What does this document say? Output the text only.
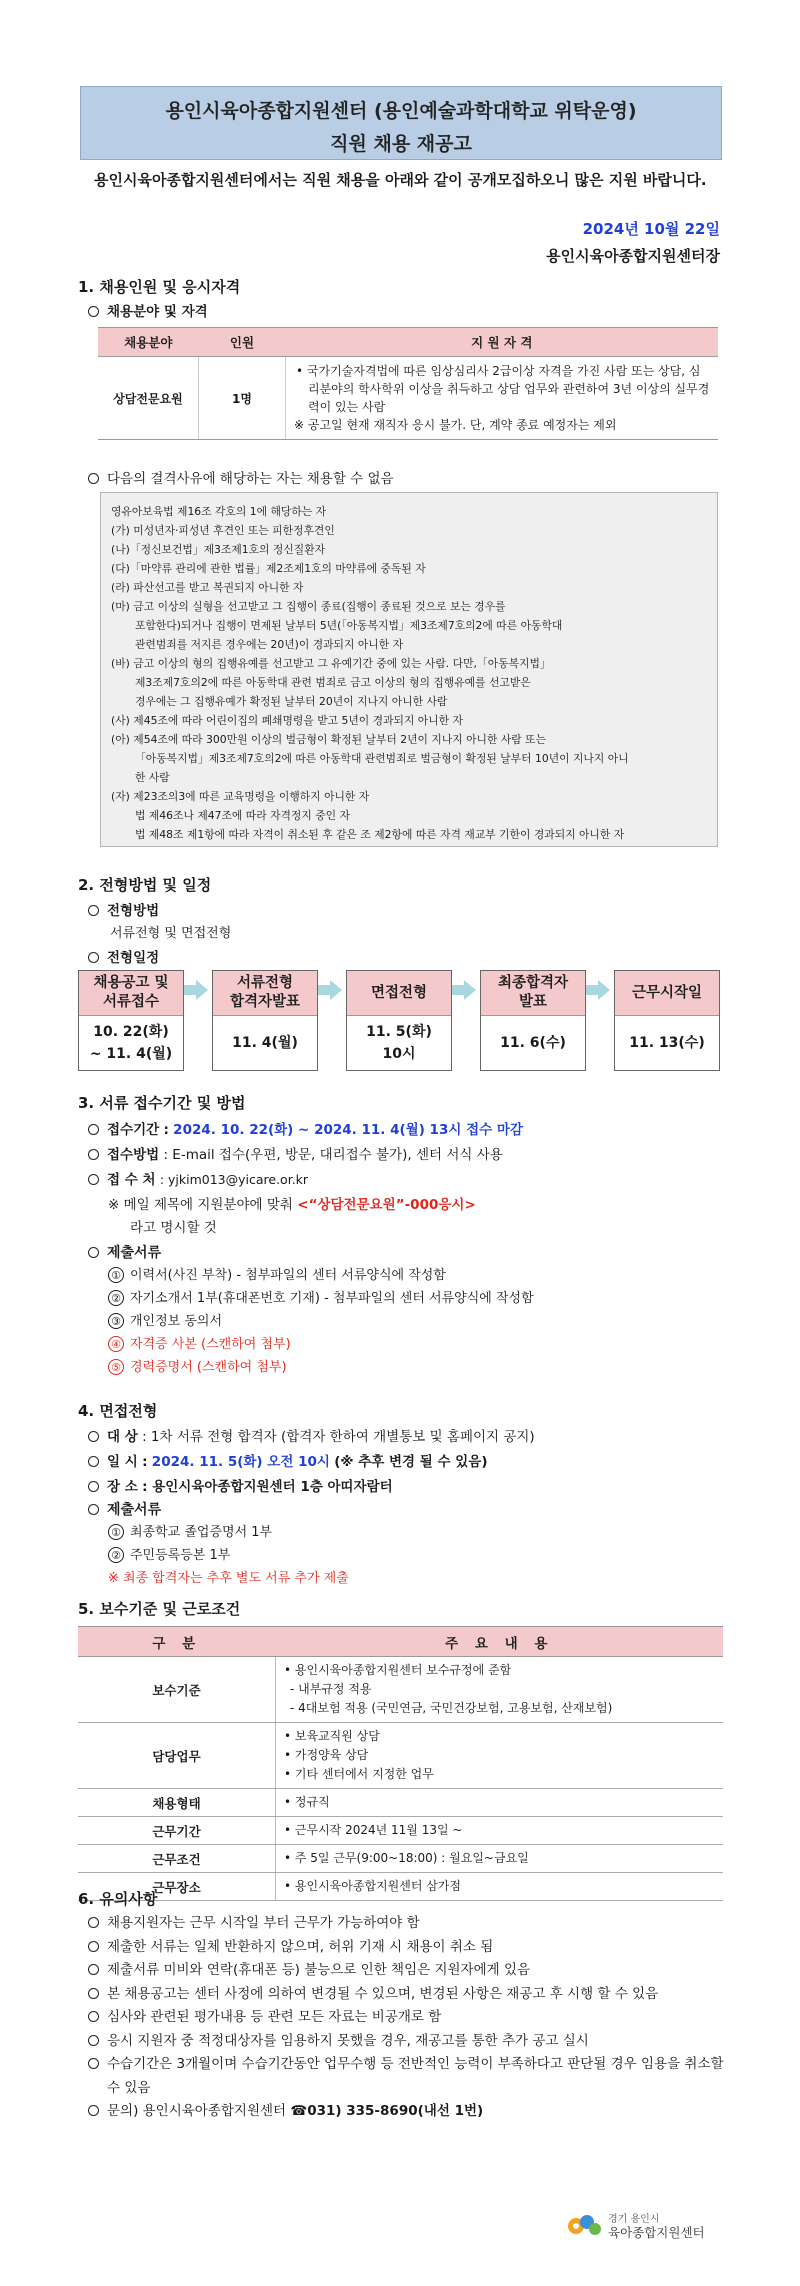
용인시육아종합지원센터 (용인예술과학대학교 위탁운영)
직원 채용 재공고
용인시육아종합지원센터에서는 직원 채용을 아래와 같이 공개모집하오니 많은 지원 바랍니다.
2024년 10월 22일
용인시육아종합지원센터장
1. 채용인원 및 응시자격
채용분야 및 자격
채용분야	인원	지 원 자 격
상담전문요원	1명	• 국가기술자격법에 따른 임상심리사 2급이상 자격을 가진 사람 또는 상담, 심리분야의 학사학위 이상을 취득하고 상담 업무와 관련하여 3년 이상의 실무경력이 있는 사람
※ 공고일 현재 재직자 응시 불가. 단, 계약 종료 예정자는 제외
다음의 결격사유에 해당하는 자는 채용할 수 없음
영유아보육법 제16조 각호의 1에 해당하는 자
(가) 미성년자·피성년 후견인 또는 피한정후견인
(나)「정신보건법」제3조제1호의 정신질환자
(다)「마약류 관리에 관한 법률」제2조제1호의 마약류에 중독된 자
(라) 파산선고를 받고 복권되지 아니한 자
(마) 금고 이상의 실형을 선고받고 그 집행이 종료(집행이 종료된 것으로 보는 경우를
포함한다)되거나 집행이 면제된 날부터 5년(「아동복지법」제3조제7호의2에 따른 아동학대
관련범죄를 저지른 경우에는 20년)이 경과되지 아니한 자
(바) 금고 이상의 형의 집행유예를 선고받고 그 유예기간 중에 있는 사람. 다만,「아동복지법」
제3조제7호의2에 따른 아동학대 관련 범죄로 금고 이상의 형의 집행유예를 선고받은
경우에는 그 집행유예가 확정된 날부터 20년이 지나지 아니한 사람
(사) 제45조에 따라 어린이집의 폐쇄명령을 받고 5년이 경과되지 아니한 자
(아) 제54조에 따라 300만원 이상의 벌금형이 확정된 날부터 2년이 지나지 아니한 사람 또는
「아동복지법」제3조제7호의2에 따른 아동학대 관련범죄로 벌금형이 확정된 날부터 10년이 지나지 아니
한 사람
(자) 제23조의3에 따른 교육명령을 이행하지 아니한 자
법 제46조나 제47조에 따라 자격정지 중인 자
법 제48조 제1항에 따라 자격이 취소된 후 같은 조 제2항에 따른 자격 재교부 기한이 경과되지 아니한 자
2. 전형방법 및 일정
전형방법
서류전형 및 면접전형
전형일정
채용공고 및
서류접수
10. 22(화)
~ 11. 4(월)
서류전형
합격자발표
11. 4(월)
면접전형
11. 5(화)
10시
최종합격자
발표
11. 6(수)
근무시작일
11. 13(수)
3. 서류 접수기간 및 방법
접수기간 : 2024. 10. 22(화) ~ 2024. 11. 4(월) 13시 접수 마감
접수방법 : E-mail 접수(우편, 방문, 대리접수 불가), 센터 서식 사용
접 수 처 : yjkim013@yicare.or.kr
※ 메일 제목에 지원분야에 맞춰 <“상담전문요원”-000응시>
라고 명시할 것
제출서류
① 이력서(사진 부착) - 첨부파일의 센터 서류양식에 작성함
② 자기소개서 1부(휴대폰번호 기재) - 첨부파일의 센터 서류양식에 작성함
③ 개인정보 동의서
④ 자격증 사본 (스캔하여 첨부)
⑤ 경력증명서 (스캔하여 첨부)
4. 면접전형
대 상 : 1차 서류 전형 합격자 (합격자 한하여 개별통보 및 홈페이지 공지)
일 시 : 2024. 11. 5(화) 오전 10시 (※ 추후 변경 될 수 있음)
장 소 : 용인시육아종합지원센터 1층 아띠자람터
제출서류
① 최종학교 졸업증명서 1부
② 주민등록등본 1부
※ 최종 합격자는 추후 별도 서류 추가 제출
5. 보수기준 및 근로조건
구 분	주 요 내 용
보수기준	• 용인시육아종합지원센터 보수규정에 준함
- 내부규정 적용
- 4대보험 적용 (국민연금, 국민건강보험, 고용보험, 산재보험)

담당업무	• 보육교직원 상담
• 가정양육 상담
• 기타 센터에서 지정한 업무

채용형태	• 정규직

근무기간	• 근무시작 2024년 11월 13일 ~

근무조건	• 주 5일 근무(9:00~18:00) : 월요일~금요일

근무장소	• 용인시육아종합지원센터 삼가점
6. 유의사항
채용지원자는 근무 시작일 부터 근무가 가능하여야 함
제출한 서류는 일체 반환하지 않으며, 허위 기재 시 채용이 취소 됨
제출서류 미비와 연락(휴대폰 등) 불능으로 인한 책임은 지원자에게 있음
본 채용공고는 센터 사정에 의하여 변경될 수 있으며, 변경된 사항은 재공고 후 시행 할 수 있음
심사와 관련된 평가내용 등 관련 모든 자료는 비공개로 함
응시 지원자 중 적정대상자를 임용하지 못했을 경우, 재공고를 통한 추가 공고 실시
수습기간은 3개월이며 수습기간동안 업무수행 등 전반적인 능력이 부족하다고 판단될 경우 임용을 취소할 수 있음
문의) 용인시육아종합지원센터 ☎031) 335-8690(내선 1번)
경기 용인시
육아종합지원센터
